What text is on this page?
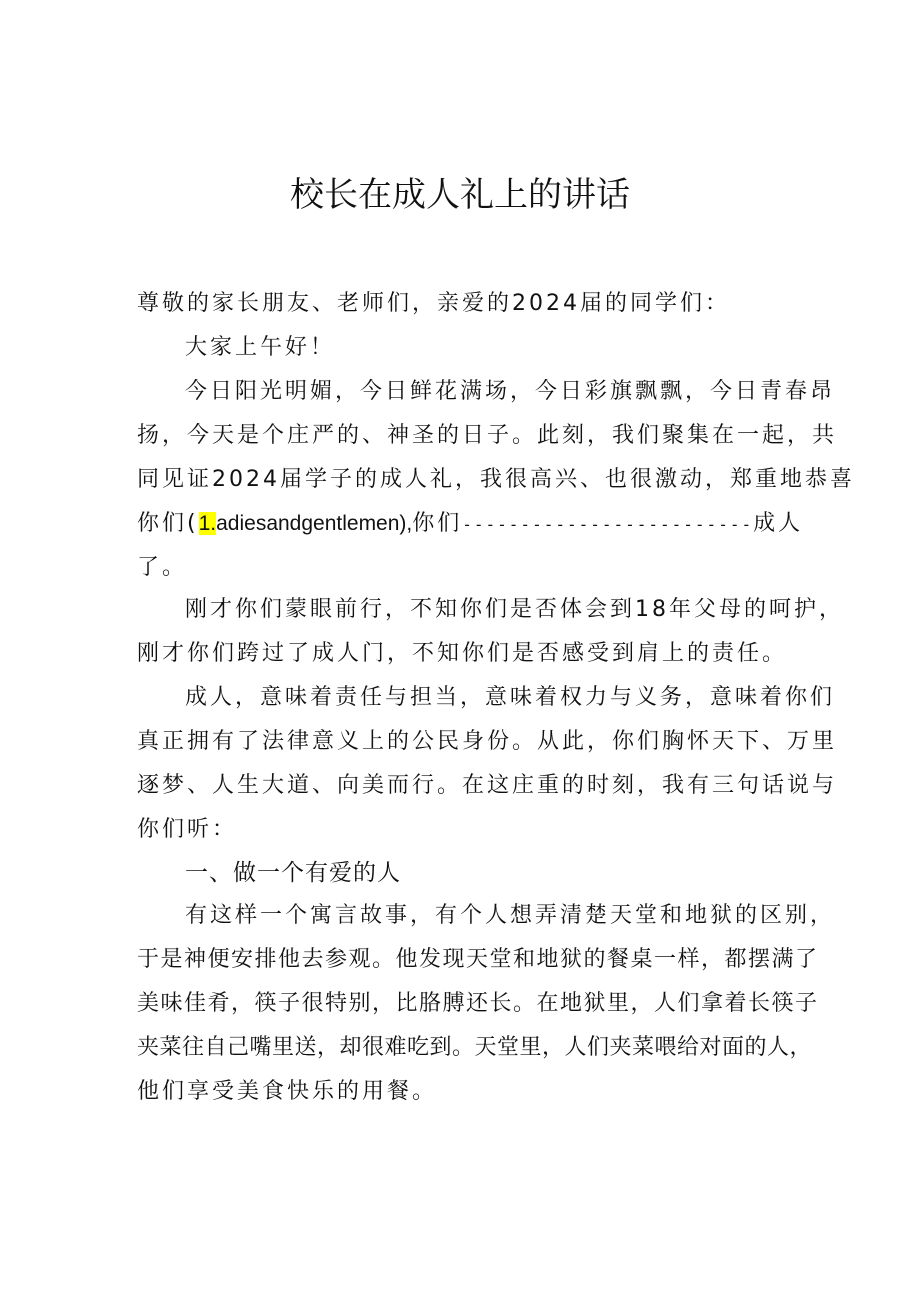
校长在成人礼上的讲话
尊敬的家长朋友、老师们，亲爱的2024届的同学们：
大家上午好！
今日阳光明媚，今日鲜花满场，今日彩旗飘飘，今日青春昂
扬，今天是个庄严的、神圣的日子。此刻，我们聚集在一起，共
同见证2024届学子的成人礼，我很高兴、也很激动，郑重地恭喜
你们(1.adiesandgentlemen),你们-------------------------成人
了。
刚才你们蒙眼前行，不知你们是否体会到18年父母的呵护，
刚才你们跨过了成人门，不知你们是否感受到肩上的责任。
成人，意味着责任与担当，意味着权力与义务，意味着你们
真正拥有了法律意义上的公民身份。从此，你们胸怀天下、万里
逐梦、人生大道、向美而行。在这庄重的时刻，我有三句话说与
你们听：
一、做一个有爱的人
有这样一个寓言故事，有个人想弄清楚天堂和地狱的区别，
于是神便安排他去参观。他发现天堂和地狱的餐桌一样，都摆满了
美味佳肴，筷子很特别，比胳膊还长。在地狱里，人们拿着长筷子
夹菜往自己嘴里送，却很难吃到。天堂里，人们夹菜喂给对面的人，
他们享受美食快乐的用餐。
